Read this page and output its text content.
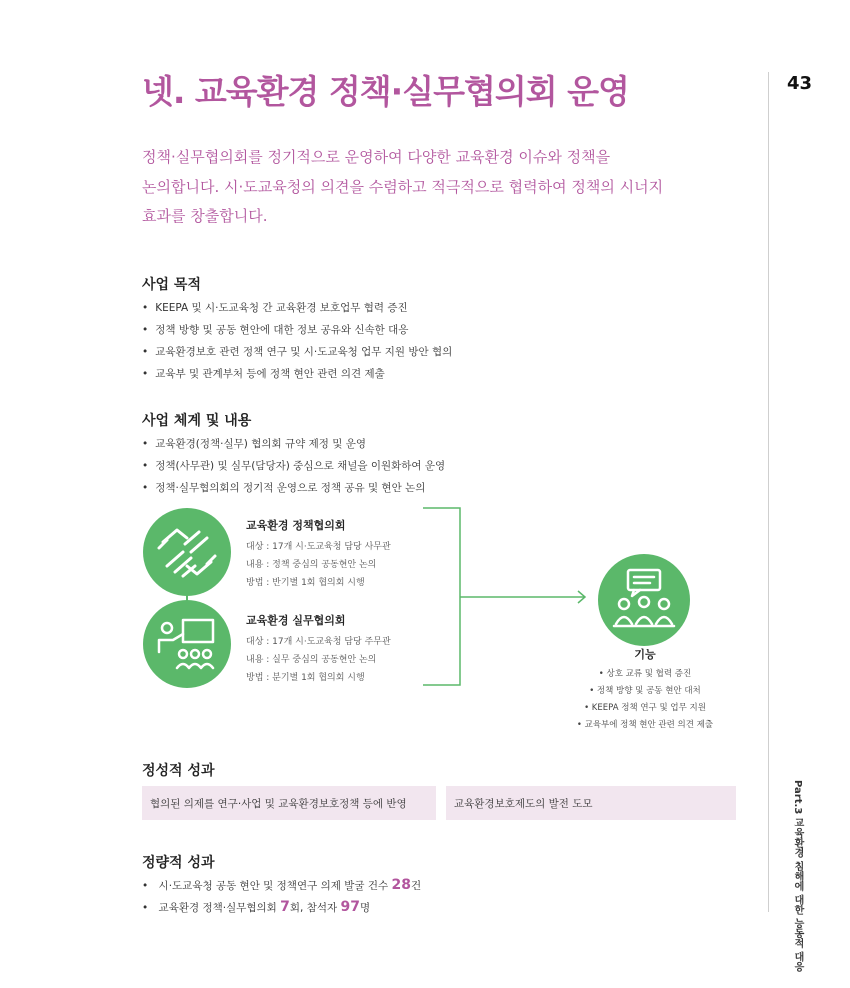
넷. 교육환경 정책·실무협의회 운영	43
Part.3 교육환경 침해에 대한 능동적 대응
정책·실무협의회를 정기적으로 운영하여 다양한 교육환경 이슈와 정책을
논의합니다. 시·도교육청의 의견을 수렴하고 적극적으로 협력하여 정책의 시너지
효과를 창출합니다.
사업 목적
• KEEPA 및 시·도교육청 간 교육환경 보호업무 협력 증진
• 정책 방향 및 공동 현안에 대한 정보 공유와 신속한 대응
• 교육환경보호 관련 정책 연구 및 시·도교육청 업무 지원 방안 협의
• 교육부 및 관계부처 등에 정책 현안 관련 의견 제출
사업 체계 및 내용
• 교육환경(정책·실무) 협의회 규약 제정 및 운영
• 정책(사무관) 및 실무(담당자) 중심으로 채널을 이원화하여 운영
• 정책·실무협의회의 정기적 운영으로 정책 공유 및 현안 논의
교육환경 정책협의회
대상 : 17개 시·도교육청 담당 사무관
내용 : 정책 중심의 공동현안 논의
방법 : 반기별 1회 협의회 시행
교육환경 실무협의회
대상 : 17개 시·도교육청 담당 주무관
내용 : 실무 중심의 공동현안 논의
방법 : 분기별 1회 협의회 시행
기능
• 상호 교류 및 협력 증진
• 정책 방향 및 공동 현안 대처
• KEEPA 정책 연구 및 업무 지원
• 교육부에 정책 현안 관련 의견 제출
정성적 성과
협의된 의제를 연구·사업 및 교육환경보호정책 등에 반영	교육환경보호제도의 발전 도모
정량적 성과
• 시·도교육청 공동 현안 및 정책연구 의제 발굴 건수 28건
• 교육환경 정책·실무협의회 7회, 참석자 97명
